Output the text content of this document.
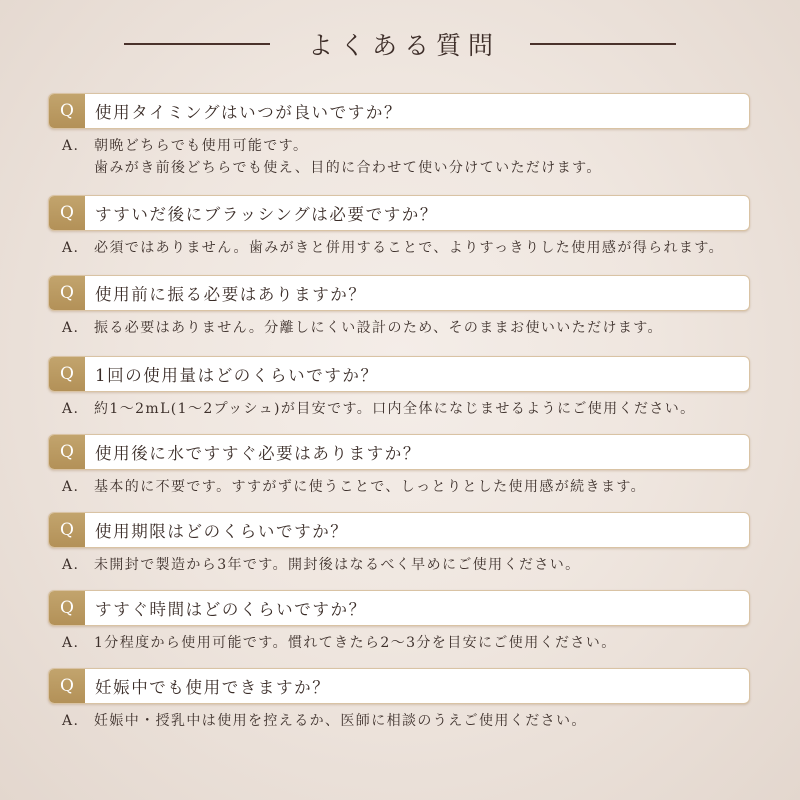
よくある質問
Q	使用タイミングはいつが良いですか？
A.	朝晩どちらでも使用可能です。
歯みがき前後どちらでも使え、目的に合わせて使い分けていただけます。
Q	すすいだ後にブラッシングは必要ですか？
A.	必須ではありません。歯みがきと併用することで、よりすっきりした使用感が得られます。
Q	使用前に振る必要はありますか？
A.	振る必要はありません。分離しにくい設計のため、そのままお使いいただけます。
Q	1回の使用量はどのくらいですか？
A.	約1〜2mL(1〜2プッシュ)が目安です。口内全体になじませるようにご使用ください。
Q	使用後に水ですすぐ必要はありますか？
A.	基本的に不要です。すすがずに使うことで、しっとりとした使用感が続きます。
Q	使用期限はどのくらいですか？
A.	未開封で製造から3年です。開封後はなるべく早めにご使用ください。
Q	すすぐ時間はどのくらいですか？
A.	1分程度から使用可能です。慣れてきたら2〜3分を目安にご使用ください。
Q	妊娠中でも使用できますか？
A.	妊娠中・授乳中は使用を控えるか、医師に相談のうえご使用ください。
